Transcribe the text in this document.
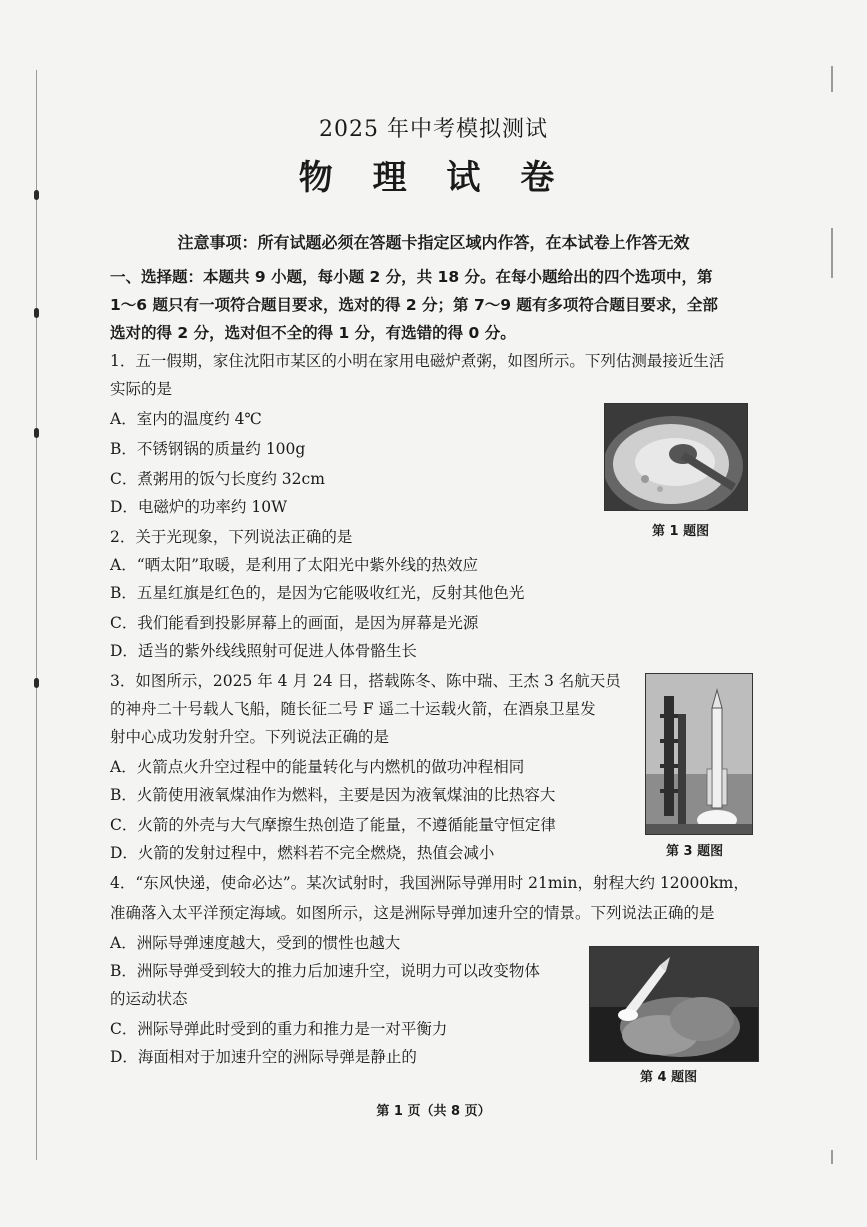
2025 年中考模拟测试
物 理 试 卷
注意事项：所有试题必须在答题卡指定区域内作答，在本试卷上作答无效
一、选择题：本题共 9 小题，每小题 2 分，共 18 分。在每小题给出的四个选项中，第
1～6 题只有一项符合题目要求，选对的得 2 分；第 7～9 题有多项符合题目要求，全部
选对的得 2 分，选对但不全的得 1 分，有选错的得 0 分。
1．五一假期，家住沈阳市某区的小明在家用电磁炉煮粥，如图所示。下列估测最接近生活
实际的是
A．室内的温度约 4℃
B．不锈钢锅的质量约 100g
C．煮粥用的饭勺长度约 32cm
D．电磁炉的功率约 10W
第 1 题图
2．关于光现象，下列说法正确的是
A．“晒太阳”取暖，是利用了太阳光中紫外线的热效应
B．五星红旗是红色的，是因为它能吸收红光，反射其他色光
C．我们能看到投影屏幕上的画面，是因为屏幕是光源
D．适当的紫外线线照射可促进人体骨骼生长
3．如图所示，2025 年 4 月 24 日，搭载陈冬、陈中瑞、王杰 3 名航天员
的神舟二十号载人飞船，随长征二号 F 遥二十运载火箭，在酒泉卫星发
射中心成功发射升空。下列说法正确的是
A．火箭点火升空过程中的能量转化与内燃机的做功冲程相同
B．火箭使用液氧煤油作为燃料，主要是因为液氧煤油的比热容大
C．火箭的外壳与大气摩擦生热创造了能量，不遵循能量守恒定律
D．火箭的发射过程中，燃料若不完全燃烧，热值会减小	第 3 题图
4．“东风快递，使命必达”。某次试射时，我国洲际导弹用时 21min，射程大约 12000km，
准确落入太平洋预定海域。如图所示，这是洲际导弹加速升空的情景。下列说法正确的是
A．洲际导弹速度越大，受到的惯性也越大
B．洲际导弹受到较大的推力后加速升空，说明力可以改变物体
的运动状态
C．洲际导弹此时受到的重力和推力是一对平衡力
D．海面相对于加速升空的洲际导弹是静止的
第 4 题图
第 1 页（共 8 页）
